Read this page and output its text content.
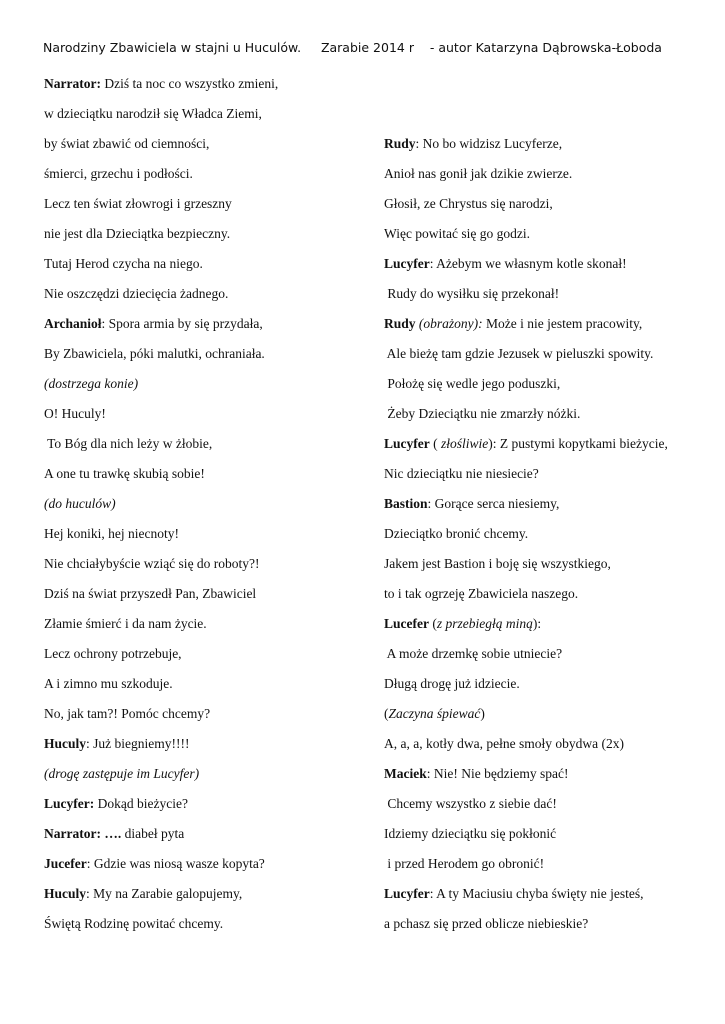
Narodziny Zbawiciela w stajni u Huculów.     Zarabie 2014 r    - autor Katarzyna Dąbrowska-Łoboda
Narrator: Dziś ta noc co wszystko zmieni,
w dzieciątku narodził się Władca Ziemi,
by świat zbawić od ciemności,
śmierci, grzechu i podłości.
Lecz ten świat złowrogi i grzeszny
nie jest dla Dzieciątka bezpieczny.
Tutaj Herod czycha na niego.
Nie oszczędzi dziecięcia żadnego.
Archanioł: Spora armia by się przydała,
By Zbawiciela, póki malutki, ochraniała.
(dostrzega konie)
O! Huculy!
To Bóg dla nich leży w żłobie,
A one tu trawkę skubią sobie!
(do huculów)
Hej koniki, hej niecnoty!
Nie chciałybyście wziąć się do roboty?!
Dziś na świat przyszedł Pan, Zbawiciel
Złamie śmierć i da nam życie.
Lecz ochrony potrzebuje,
A i zimno mu szkoduje.
No, jak tam?! Pomóc chcemy?
Huculy: Już biegniemy!!!!
(drogę zastępuje im Lucyfer)
Lucyfer: Dokąd bieżycie?
Narrator: …. diabeł pyta
Jucefer: Gdzie was niosą wasze kopyta?
Huculy: My na Zarabie galopujemy,
Świętą Rodzinę powitać chcemy.
Rudy: No bo widzisz Lucyferze,
Anioł nas gonił jak dzikie zwierze.
Głosił, ze Chrystus się narodzi,
Więc powitać się go godzi.
Lucyfer: Ażebym we własnym kotle skonał!
Rudy do wysiłku się przekonał!
Rudy (obrażony): Może i nie jestem pracowity,
Ale bieżę tam gdzie Jezusek w pieluszki spowity.
Położę się wedle jego poduszki,
Żeby Dzieciątku nie zmarzły nóżki.
Lucyfer ( złośliwie): Z pustymi kopytkami bieżycie,
Nic dzieciątku nie niesiecie?
Bastion: Gorące serca niesiemy,
Dzieciątko bronić chcemy.
Jakem jest Bastion i boję się wszystkiego,
to i tak ogrzeję Zbawiciela naszego.
Lucefer (z przebiegłą miną):
A może drzemkę sobie utniecie?
Długą drogę już idziecie.
(Zaczyna śpiewać)
A, a, a, kotły dwa, pełne smoły obydwa (2x)
Maciek: Nie! Nie będziemy spać!
Chcemy wszystko z siebie dać!
Idziemy dzieciątku się pokłonić
i przed Herodem go obronić!
Lucyfer: A ty Maciusiu chyba święty nie jesteś,
a pchasz się przed oblicze niebieskie?
